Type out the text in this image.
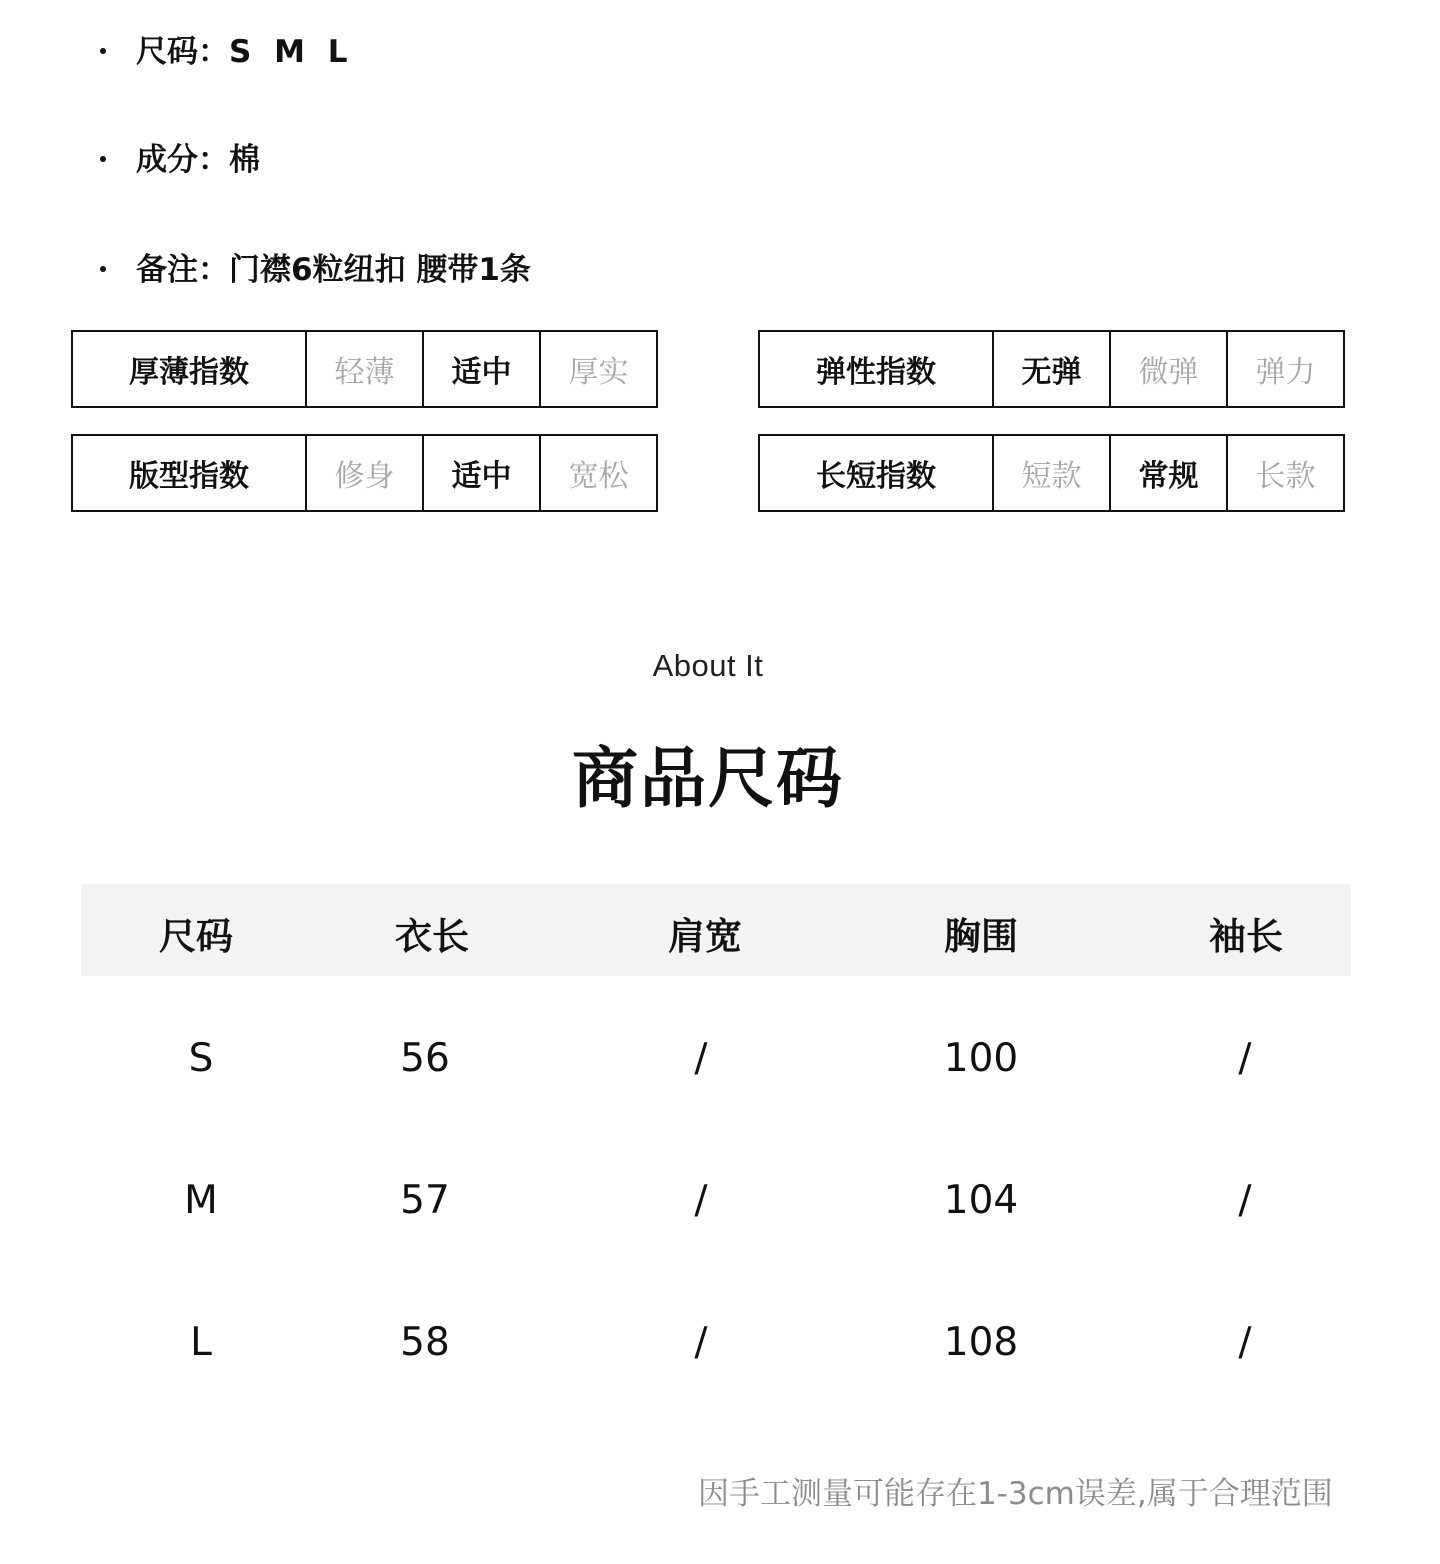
尺码：S M L
成分：棉
备注：门襟6粒纽扣 腰带1条
厚薄指数	轻薄	适中	厚实	弹性指数	无弹	微弹	弹力
版型指数	修身	适中	宽松	长短指数	短款	常规	长款
About It
商品尺码
尺码	衣长	肩宽	胸围	袖长
S	56	/	100	/
M	57	/	104	/
L	58	/	108	/
因手工测量可能存在1-3cm误差,属于合理范围
